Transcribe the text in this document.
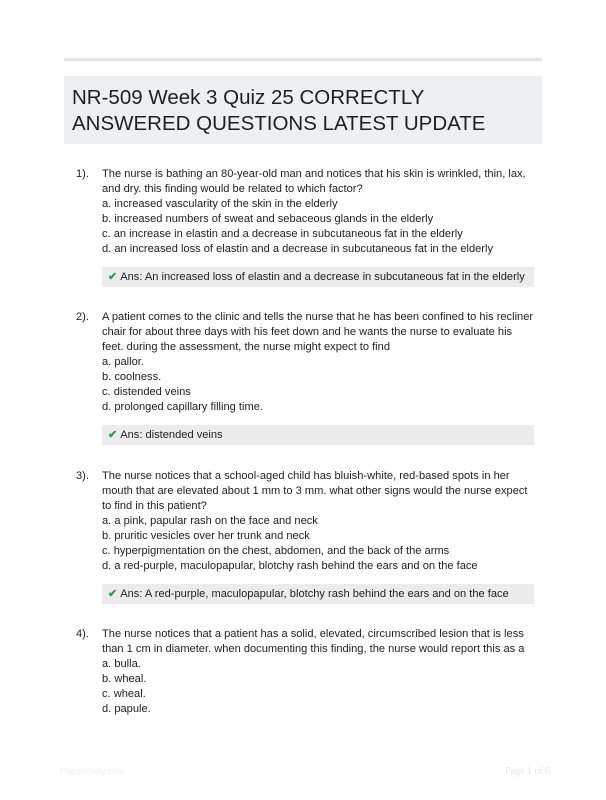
NR-509 Week 3 Quiz 25 CORRECTLY ANSWERED QUESTIONS LATEST UPDATE
1). The nurse is bathing an 80-year-old man and notices that his skin is wrinkled, thin, lax, and dry. this finding would be related to which factor?
a. increased vascularity of the skin in the elderly
b. increased numbers of sweat and sebaceous glands in the elderly
c. an increase in elastin and a decrease in subcutaneous fat in the elderly
d. an increased loss of elastin and a decrease in subcutaneous fat in the elderly
✔ Ans: An increased loss of elastin and a decrease in subcutaneous fat in the elderly
2). A patient comes to the clinic and tells the nurse that he has been confined to his recliner chair for about three days with his feet down and he wants the nurse to evaluate his feet. during the assessment, the nurse might expect to find
a. pallor.
b. coolness.
c. distended veins
d. prolonged capillary filling time.
✔ Ans: distended veins
3). The nurse notices that a school-aged child has bluish-white, red-based spots in her mouth that are elevated about 1 mm to 3 mm. what other signs would the nurse expect to find in this patient?
a. a pink, papular rash on the face and neck
b. pruritic vesicles over her trunk and neck
c. hyperpigmentation on the chest, abdomen, and the back of the arms
d. a red-purple, maculopapular, blotchy rash behind the ears and on the face
✔ Ans: A red-purple, maculopapular, blotchy rash behind the ears and on the face
4). The nurse notices that a patient has a solid, elevated, circumscribed lesion that is less than 1 cm in diameter. when documenting this finding, the nurse would report this as a
a. bulla.
b. wheal.
c. wheal.
d. papule.
Paperstudy.com	Page 1 of 6
